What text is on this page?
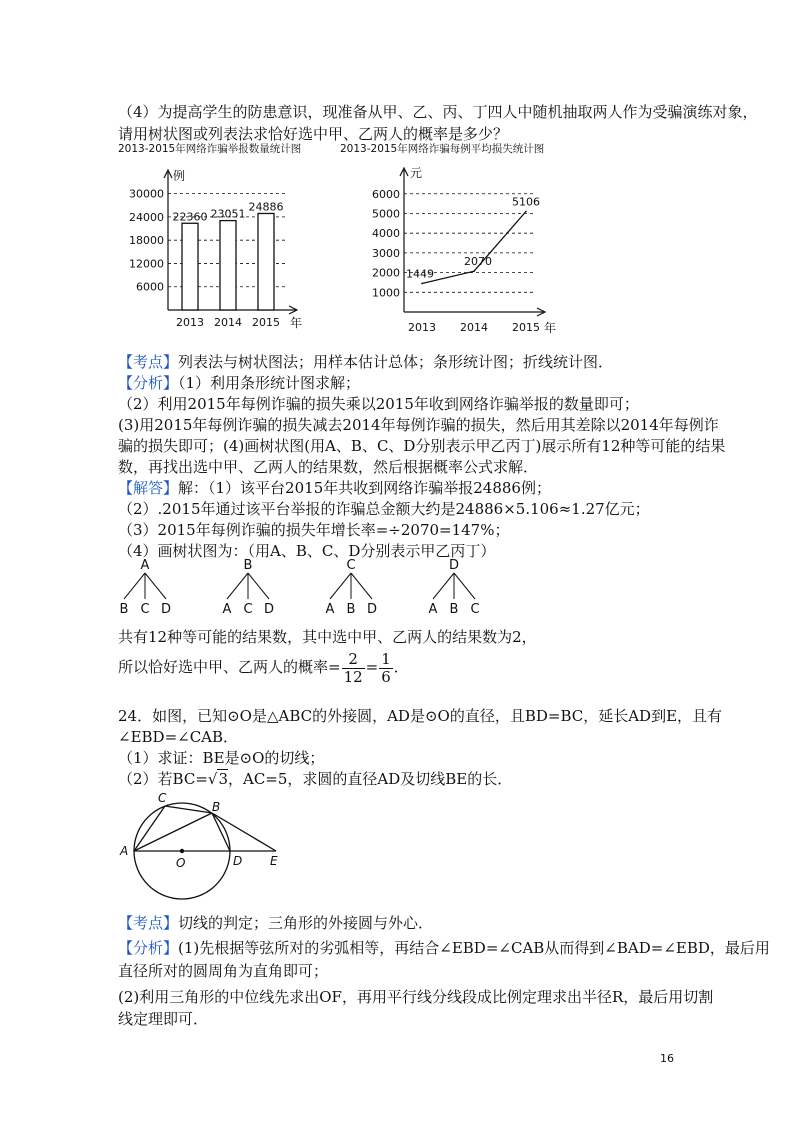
（4）为提高学生的防患意识，现准备从甲、乙、丙、丁四人中随机抽取两人作为受骗演练对象，
请用树状图或列表法求恰好选中甲、乙两人的概率是多少？
2013-2015年网络诈骗举报数量统计图	2013-2015年网络诈骗每例平均损失统计图
例
年
6000
12000
18000
24000
30000
22360
2013
23051
2014
24886
2015
元
年
1000
2000
3000
4000
5000
6000
1449
2013
2070
2014
5106
2015
【考点】列表法与树状图法；用样本估计总体；条形统计图；折线统计图．
【分析】（1）利用条形统计图求解；
（2）利用2015年每例诈骗的损失乘以2015年收到网络诈骗举报的数量即可；
(3)用2015年每例诈骗的损失减去2014年每例诈骗的损失，然后用其差除以2014年每例诈
骗的损失即可；(4)画树状图(用A、B、C、D分别表示甲乙丙丁)展示所有12种等可能的结果
数，再找出选中甲、乙两人的结果数，然后根据概率公式求解．
【解答】解：（1）该平台2015年共收到网络诈骗举报24886例；
（2）.2015年通过该平台举报的诈骗总金额大约是24886×5.106≈1.27亿元；
（3）2015年每例诈骗的损失年增长率=÷2070=147%；
（4）画树状图为：（用A、B、C、D分别表示甲乙丙丁）
A
B C D
B
A C D
C
A B D
D
A B C
共有12种等可能的结果数，其中选中甲、乙两人的结果数为2，
所以恰好选中甲、乙两人的概率= $\frac{2}{12} = \frac{1}{6}$ ．
24．如图，已知⊙O是△ABC的外接圆，AD是⊙O的直径，且BD=BC，延长AD到E，且有
∠EBD=∠CAB．
（1）求证：BE是⊙O的切线；
（2）若BC=√3，AC=5，求圆的直径AD及切线BE的长．
A
C
B
O	D E
【考点】切线的判定；三角形的外接圆与外心．
【分析】(1)先根据等弦所对的劣弧相等，再结合∠EBD=∠CAB从而得到∠BAD=∠EBD，最后用
直径所对的圆周角为直角即可；
(2)利用三角形的中位线先求出OF，再用平行线分线段成比例定理求出半径R，最后用切割
线定理即可．
16
